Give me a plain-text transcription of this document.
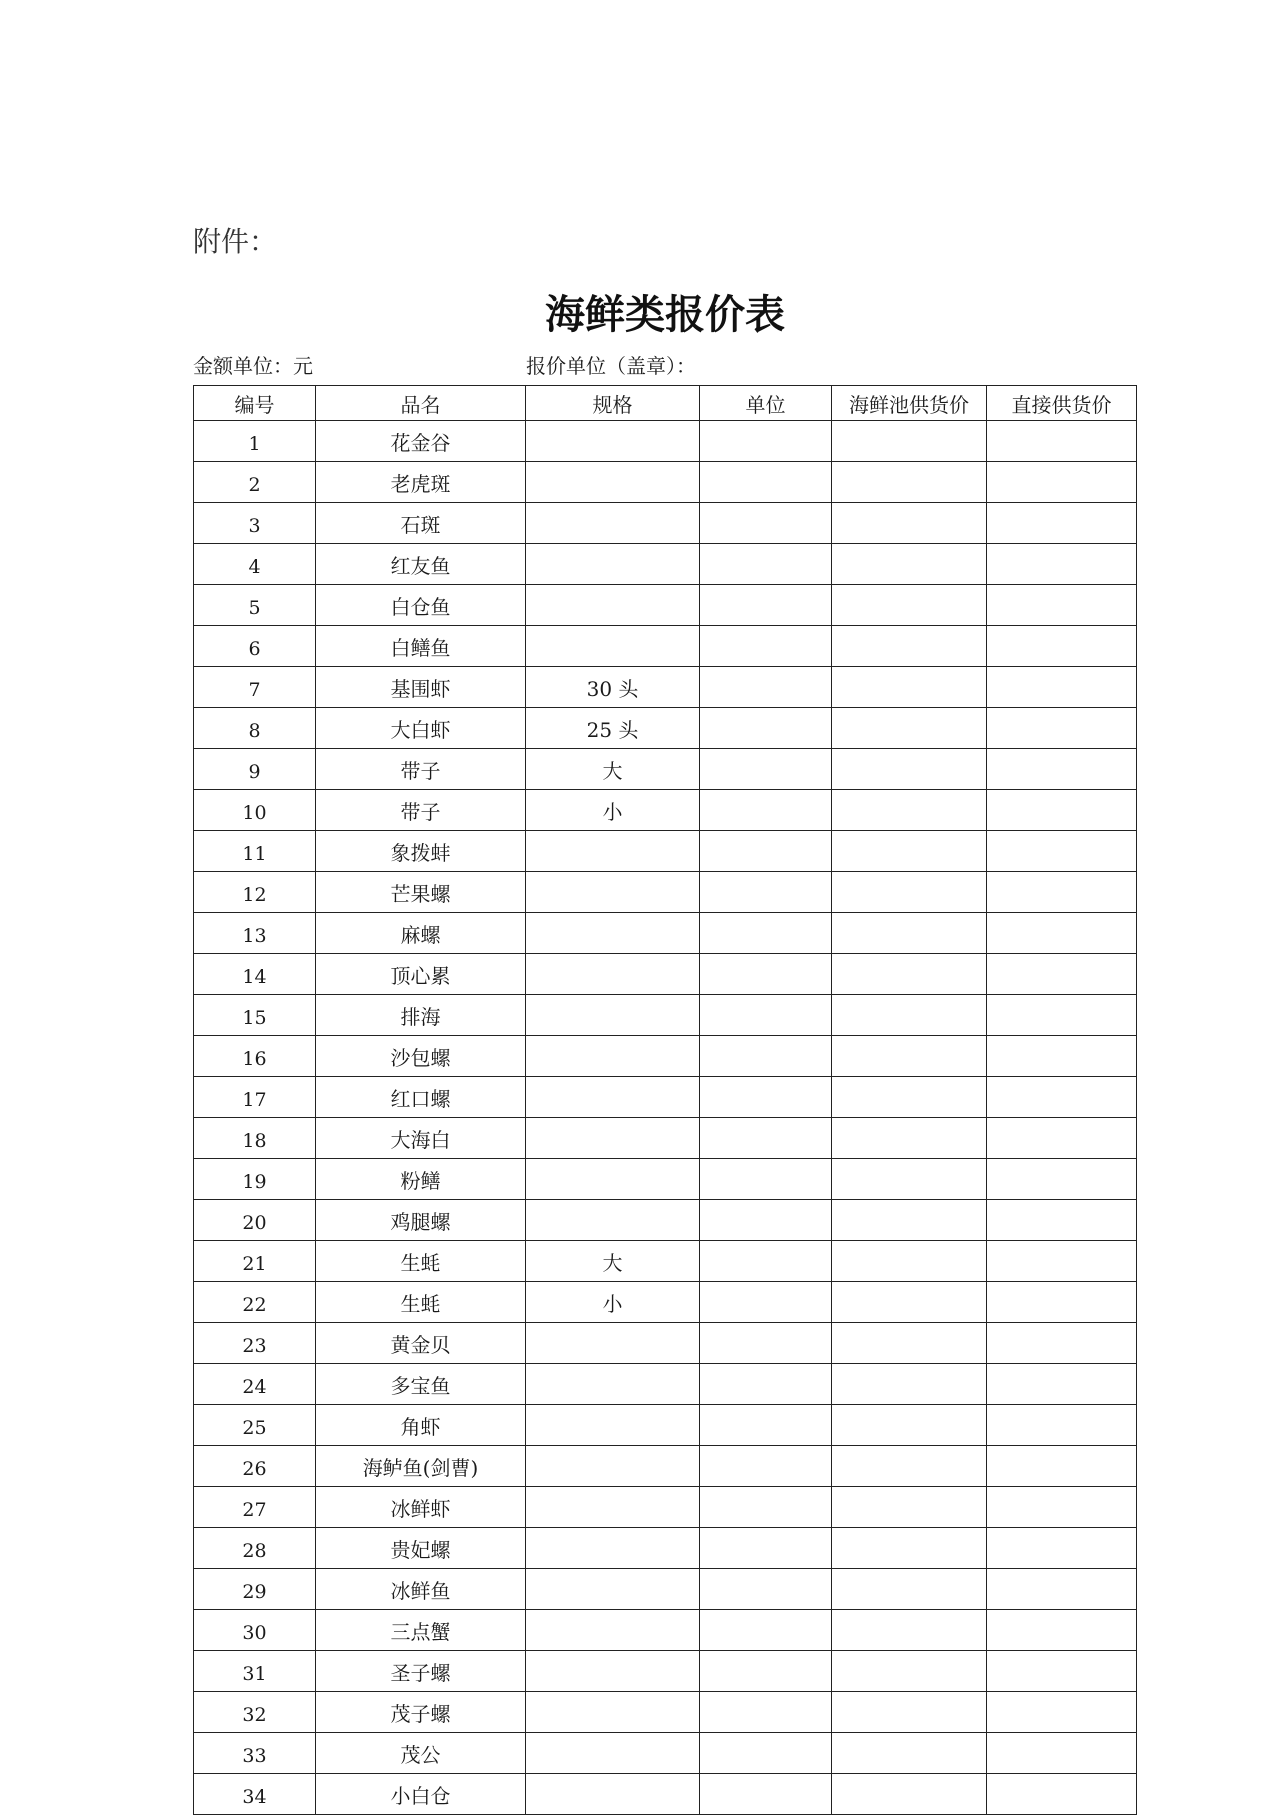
附件：
海鲜类报价表
金额单位：元	报价单位（盖章）：
编号	品名	规格	单位	海鲜池供货价	直接供货价
1	花金谷				
2	老虎斑				
3	石斑				
4	红友鱼				
5	白仓鱼				
6	白鳝鱼				
7	基围虾	30 头			
8	大白虾	25 头			
9	带子	大			
10	带子	小			
11	象拨蚌				
12	芒果螺				
13	麻螺				
14	顶心累				
15	排海				
16	沙包螺				
17	红口螺				
18	大海白				
19	粉鳝				
20	鸡腿螺				
21	生蚝	大			
22	生蚝	小			
23	黄金贝				
24	多宝鱼				
25	角虾				
26	海鲈鱼(剑曹)				
27	冰鲜虾				
28	贵妃螺				
29	冰鲜鱼				
30	三点蟹				
31	圣子螺				
32	茂子螺				
33	茂公				
34	小白仓				
